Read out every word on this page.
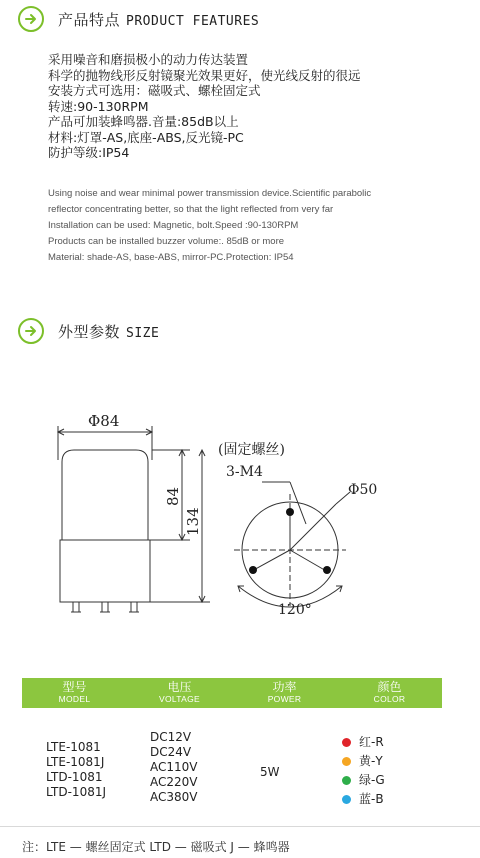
产品特点 PRODUCT FEATURES
采用噪音和磨损极小的动力传达装置
科学的抛物线形反射镜聚光效果更好，使光线反射的很远
安装方式可选用：磁吸式、螺栓固定式
转速:90-130RPM
产品可加装蜂鸣器.音量:85dB以上
材料:灯罩-AS,底座-ABS,反光镜-PC
防护等级:IP54
Using noise and wear minimal power transmission device.Scientific parabolic
reflector concentrating better, so that the light reflected from very far
Installation can be used: Magnetic, bolt.Speed :90-130RPM
Products can be installed buzzer volume:. 85dB or more
Material: shade-AS, base-ABS, mirror-PC.Protection: IP54
外型参数 SIZE
Φ84
84
134
(固定螺丝)
3-M4
Φ50
120°
型号
MODEL
电压
VOLTAGE
功率
POWER
颜色
COLOR
LTE-1081
LTE-1081J
LTD-1081
LTD-1081J
DC12V
DC24V
AC110V
AC220V
AC380V
5W
红-R
黄-Y
绿-G
蓝-B
注：LTE — 螺丝固定式 LTD — 磁吸式 J — 蜂鸣器
